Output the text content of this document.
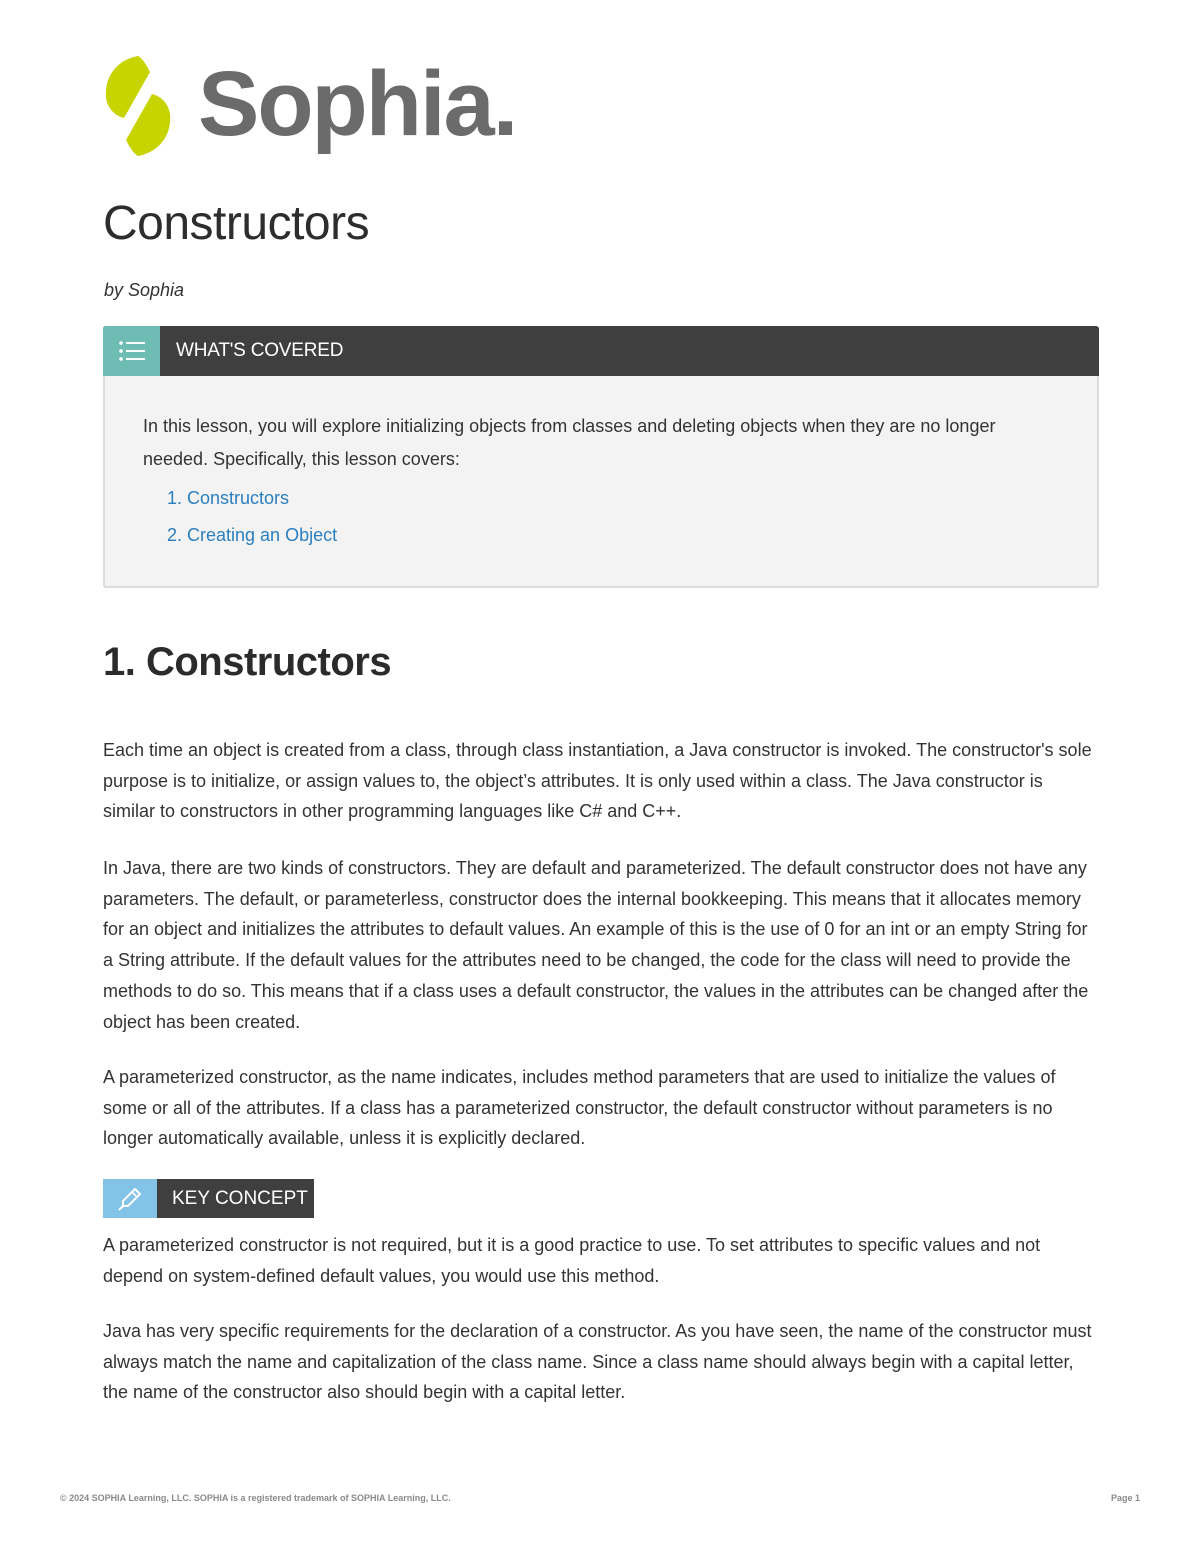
Sophia.
Constructors
by Sophia
WHAT'S COVERED

In this lesson, you will explore initializing objects from classes and deleting objects when they are no longer needed. Specifically, this lesson covers:

1. Constructors
2. Creating an Object
1. Constructors

Each time an object is created from a class, through class instantiation, a Java constructor is invoked. The constructor's sole purpose is to initialize, or assign values to, the object’s attributes. It is only used within a class. The Java constructor is similar to constructors in other programming languages like C# and C++.

In Java, there are two kinds of constructors. They are default and parameterized. The default constructor does not have any parameters. The default, or parameterless, constructor does the internal bookkeeping. This means that it allocates memory for an object and initializes the attributes to default values. An example of this is the use of 0 for an int or an empty String for a String attribute. If the default values for the attributes need to be changed, the code for the class will need to provide the methods to do so. This means that if a class uses a default constructor, the values in the attributes can be changed after the object has been created.

A parameterized constructor, as the name indicates, includes method parameters that are used to initialize the values of some or all of the attributes. If a class has a parameterized constructor, the default constructor without parameters is no longer automatically available, unless it is explicitly declared.

KEY CONCEPT

A parameterized constructor is not required, but it is a good practice to use. To set attributes to specific values and not depend on system-defined default values, you would use this method.

Java has very specific requirements for the declaration of a constructor. As you have seen, the name of the constructor must always match the name and capitalization of the class name. Since a class name should always begin with a capital letter, the name of the constructor also should begin with a capital letter.

© 2024 SOPHIA Learning, LLC. SOPHIA is a registered trademark of SOPHIA Learning, LLC.	Page 1
